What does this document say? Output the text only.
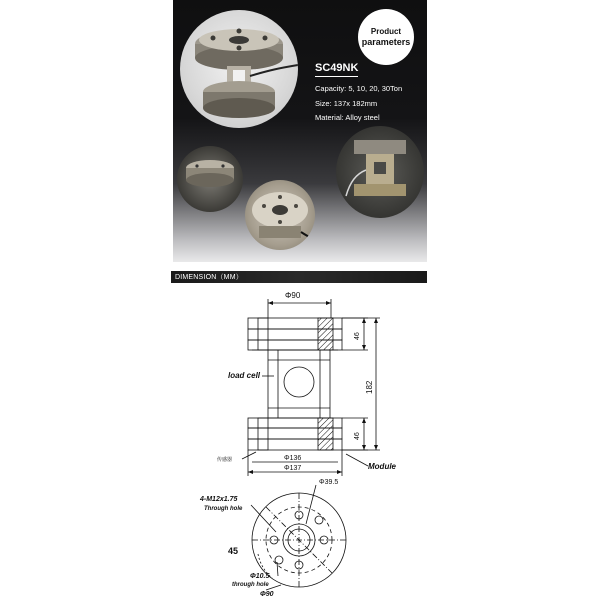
Product
parameters
SC49NK
Capacity: 5, 10, 20, 30Ton
Size: 137x 182mm
Material: Alloy steel
DIMENSION（MM）
Φ90
46
182
46
load cell
传感器	Φ136
Φ137	Module
Φ39.5
4-M12x1.75
Through hole
45
Φ10.5
through hole
Φ90
